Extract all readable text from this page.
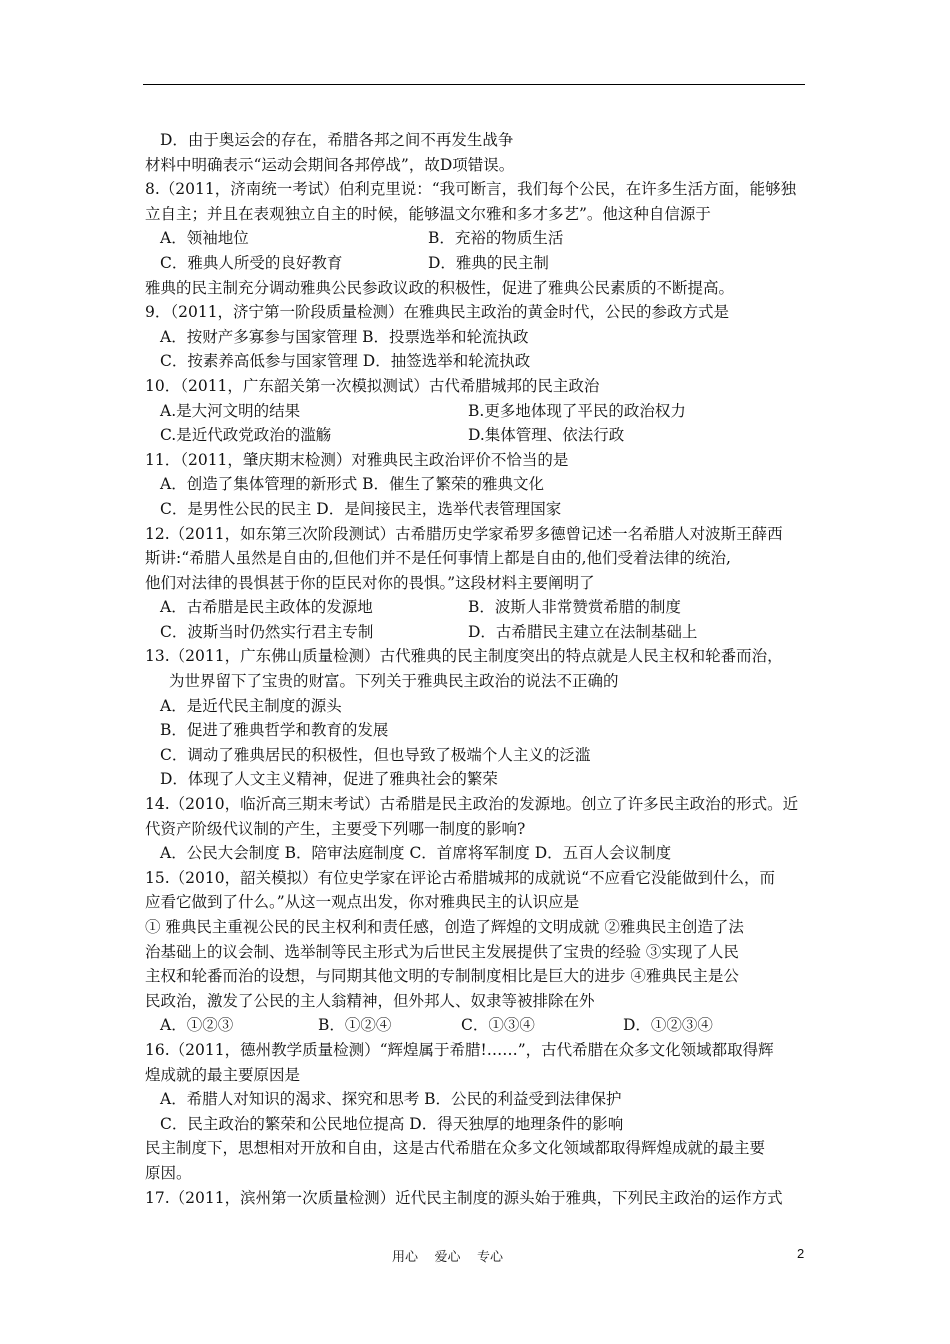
D．由于奥运会的存在，希腊各邦之间不再发生战争
材料中明确表示“运动会期间各邦停战”，故D项错误。
8.（2011，济南统一考试）伯利克里说：“我可断言，我们每个公民，在许多生活方面，能够独
立自主；并且在表观独立自主的时候，能够温文尔雅和多才多艺”。他这种自信源于
A．领袖地位	B．充裕的物质生活
C．雅典人所受的良好教育	D．雅典的民主制
雅典的民主制充分调动雅典公民参政议政的积极性，促进了雅典公民素质的不断提高。
9．（2011，济宁第一阶段质量检测）在雅典民主政治的黄金时代，公民的参政方式是
A．按财产多寡参与国家管理 B．投票选举和轮流执政
C．按素养高低参与国家管理 D．抽签选举和轮流执政
10．（2011，广东韶关第一次模拟测试）古代希腊城邦的民主政治
A.是大河文明的结果	B.更多地体现了平民的政治权力
C.是近代政党政治的滥觞	D.集体管理、依法行政
11．（2011，肇庆期末检测）对雅典民主政治评价不恰当的是
A．创造了集体管理的新形式 B．催生了繁荣的雅典文化
C．是男性公民的民主 D．是间接民主，选举代表管理国家
12.（2011，如东第三次阶段测试）古希腊历史学家希罗多德曾记述一名希腊人对波斯王薛西
斯讲:“希腊人虽然是自由的,但他们并不是任何事情上都是自由的,他们受着法律的统治,
他们对法律的畏惧甚于你的臣民对你的畏惧。”这段材料主要阐明了
A．古希腊是民主政体的发源地	B．波斯人非常赞赏希腊的制度
C．波斯当时仍然实行君主专制	D．古希腊民主建立在法制基础上
13.（2011，广东佛山质量检测）古代雅典的民主制度突出的特点就是人民主权和轮番而治，
为世界留下了宝贵的财富。下列关于雅典民主政治的说法不正确的
A．是近代民主制度的源头
B．促进了雅典哲学和教育的发展
C．调动了雅典居民的积极性，但也导致了极端个人主义的泛滥
D．体现了人文主义精神，促进了雅典社会的繁荣
14.（2010，临沂高三期末考试）古希腊是民主政治的发源地。创立了许多民主政治的形式。近
代资产阶级代议制的产生，主要受下列哪一制度的影响?
A．公民大会制度 B．陪审法庭制度 C．首席将军制度 D．五百人会议制度
15.（2010，韶关模拟）有位史学家在评论古希腊城邦的成就说“不应看它没能做到什么，而
应看它做到了什么。”从这一观点出发，你对雅典民主的认识应是
① 雅典民主重视公民的民主权利和责任感，创造了辉煌的文明成就 ②雅典民主创造了法
治基础上的议会制、选举制等民主形式为后世民主发展提供了宝贵的经验 ③实现了人民
主权和轮番而治的设想，与同期其他文明的专制制度相比是巨大的进步 ④雅典民主是公
民政治，激发了公民的主人翁精神，但外邦人、奴隶等被排除在外
A．①②③	B．①②④	C．①③④	D．①②③④
16.（2011，德州教学质量检测）“辉煌属于希腊!……”，古代希腊在众多文化领域都取得辉
煌成就的最主要原因是
A．希腊人对知识的渴求、探究和思考 B．公民的利益受到法律保护
C．民主政治的繁荣和公民地位提高 D．得天独厚的地理条件的影响
民主制度下，思想相对开放和自由，这是古代希腊在众多文化领域都取得辉煌成就的最主要
原因。
17.（2011，滨州第一次质量检测）近代民主制度的源头始于雅典，下列民主政治的运作方式
用心    爱心    专心	2
